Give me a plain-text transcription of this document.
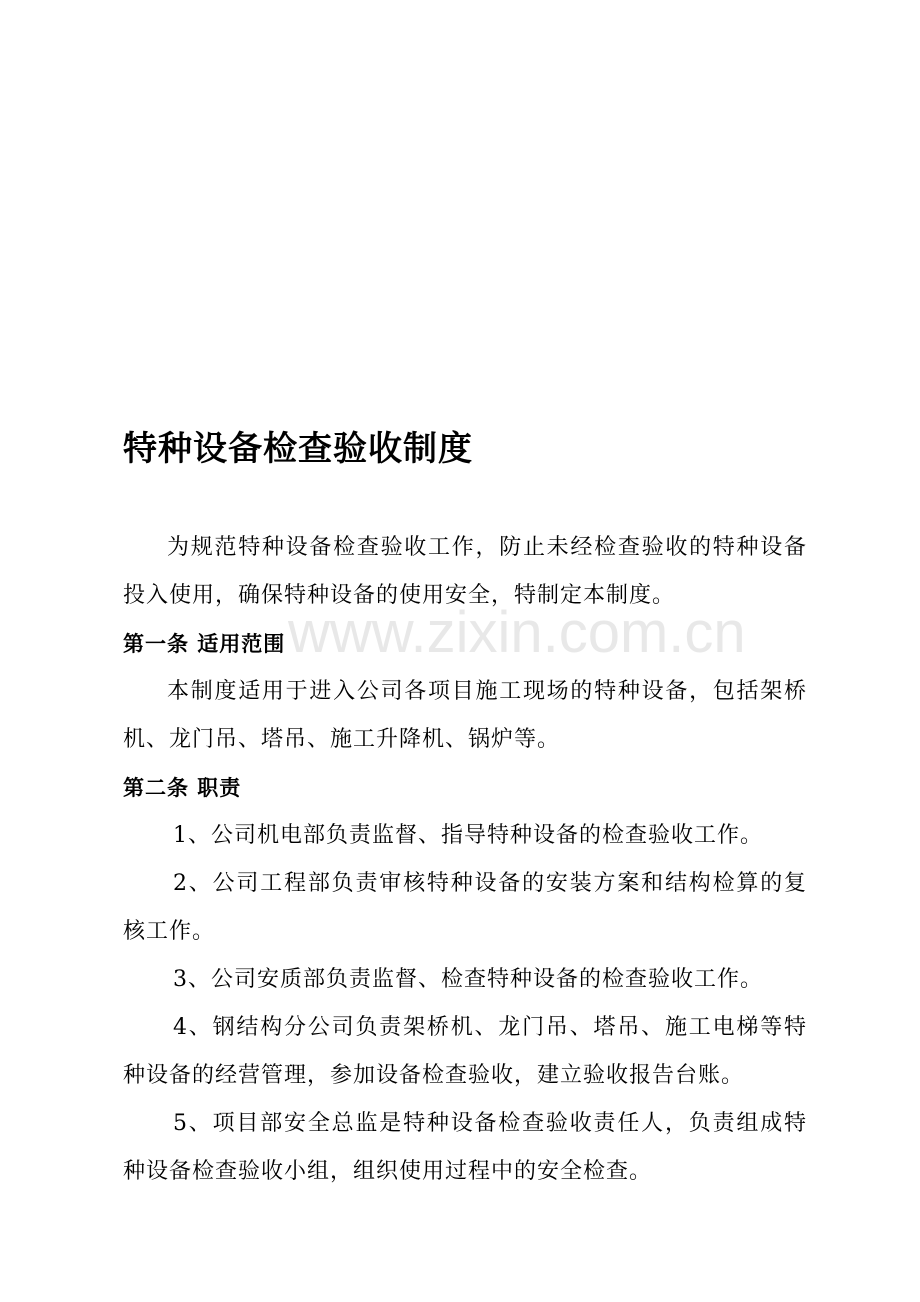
特种设备检查验收制度

为规范特种设备检查验收工作，防止未经检查验收的特种设备投入使用，确保特种设备的使用安全，特制定本制度。

第一条 适用范围

本制度适用于进入公司各项目施工现场的特种设备，包括架桥机、龙门吊、塔吊、施工升降机、锅炉等。

第二条 职责

1、公司机电部负责监督、指导特种设备的检查验收工作。

2、公司工程部负责审核特种设备的安装方案和结构检算的复核工作。

3、公司安质部负责监督、检查特种设备的检查验收工作。

4、钢结构分公司负责架桥机、龙门吊、塔吊、施工电梯等特种设备的经营管理，参加设备检查验收，建立验收报告台账。

5、项目部安全总监是特种设备检查验收责任人，负责组成特种设备检查验收小组，组织使用过程中的安全检查。

www.zixin.com.cn
